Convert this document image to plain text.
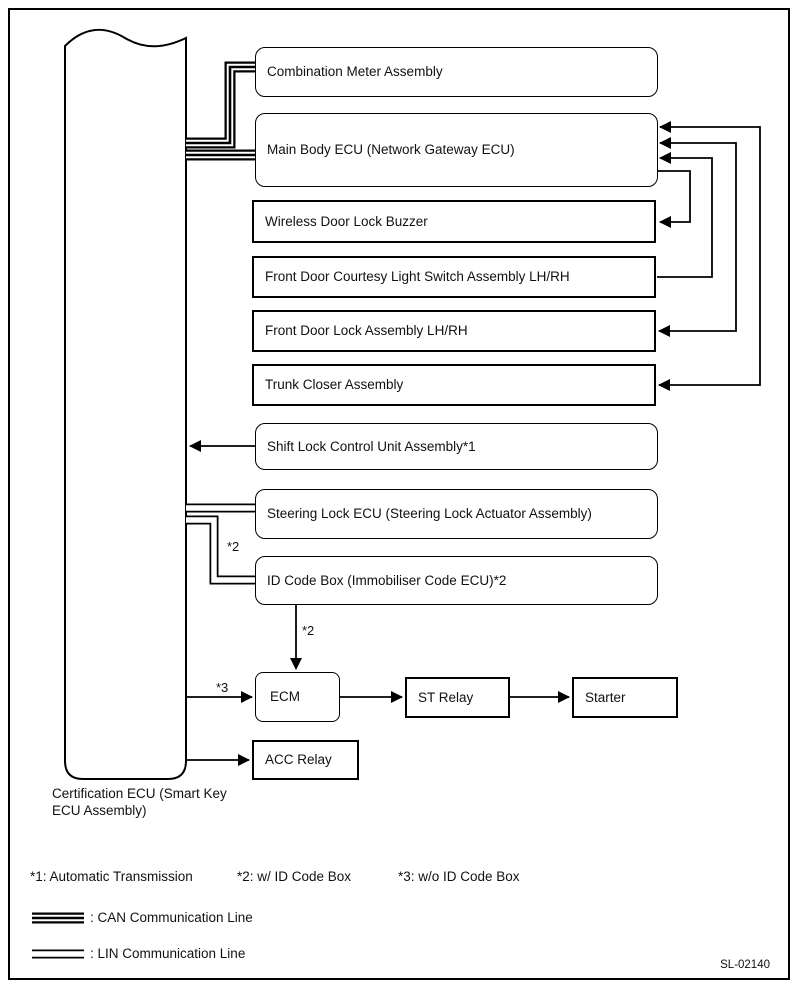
Combination Meter Assembly
Main Body ECU (Network Gateway ECU)
Wireless Door Lock Buzzer
Front Door Courtesy Light Switch Assembly LH/RH
Front Door Lock Assembly LH/RH
Trunk Closer Assembly
Shift Lock Control Unit Assembly*1
Steering Lock ECU (Steering Lock Actuator Assembly)
ID Code Box (Immobiliser Code ECU)*2
ECM	ST Relay	Starter
ACC Relay
Certification ECU (Smart Key ECU Assembly)
*2
*2
*3
*1: Automatic Transmission	*2: w/ ID Code Box	*3: w/o ID Code Box
: CAN Communication Line
: LIN Communication Line
SL-02140
